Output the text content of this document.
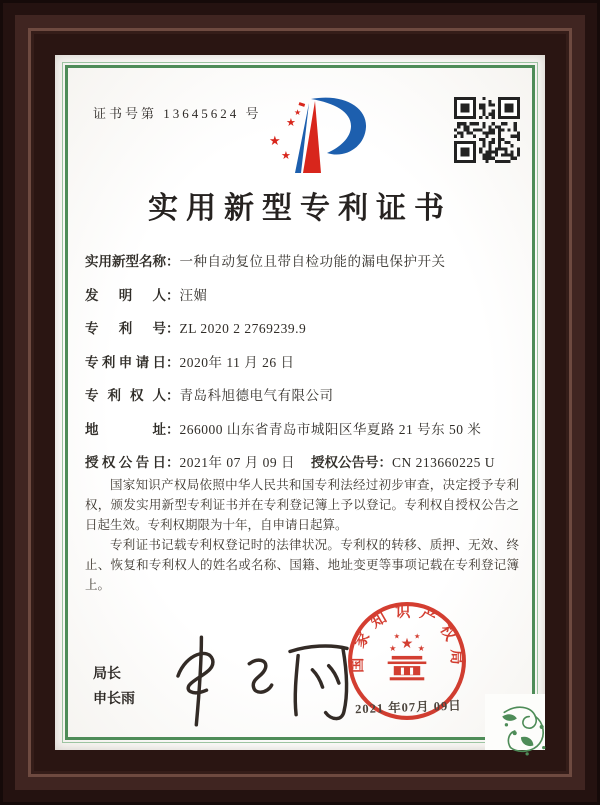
证书号第 13645624 号
★
★
★
★
实用新型专利证书
实用新型名称：一种自动复位且带自检功能的漏电保护开关
发明人：汪媚
专利号：ZL 2020 2 2769239.9
专利申请日：2020年 11 月 26 日
专利权人：青岛科旭德电气有限公司
地址：266000 山东省青岛市城阳区华夏路 21 号东 50 米
授权公告日：2021年 07 月 09 日 授权公告号：CN 213660225 U

国家知识产权局依照中华人民共和国专利法经过初步审查，决定授予专利权，颁发实用新型专利证书并在专利登记簿上予以登记。专利权自授权公告之日起生效。专利权期限为十年，自申请日起算。

专利证书记载专利权登记时的法律状况。专利权的转移、质押、无效、终止、恢复和专利权人的姓名或名称、国籍、地址变更等事项记载在专利登记簿上。

局长
申长雨
国家知识产权局
★
★	★
★ ★
2021 年07月 09日
